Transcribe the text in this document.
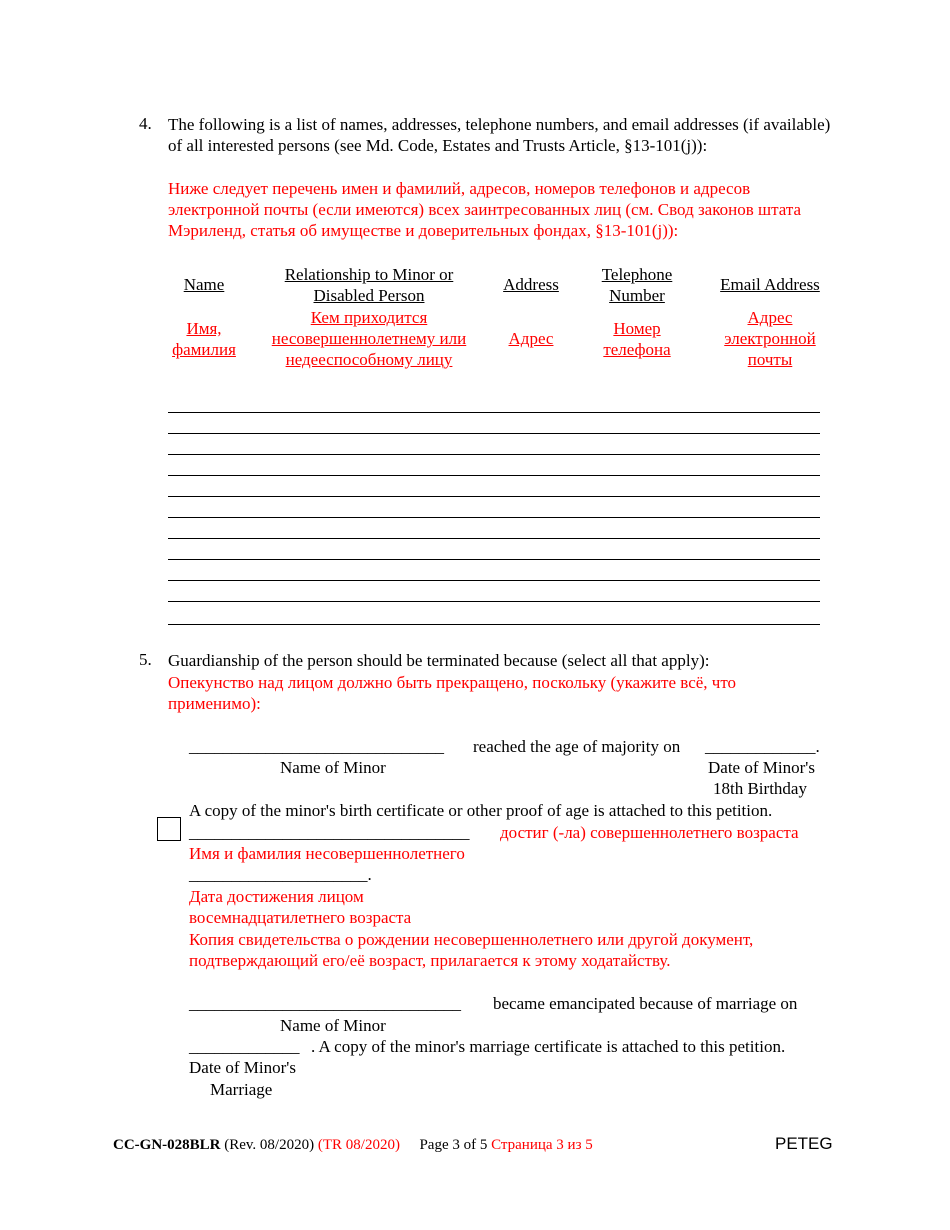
4. The following is a list of names, addresses, telephone numbers, and email addresses (if available) of all interested persons (see Md. Code, Estates and Trusts Article, §13-101(j)):
Ниже следует перечень имен и фамилий, адресов, номеров телефонов и адресов электронной почты (если имеются) всех заинтресованных лиц (см. Свод законов штата Мэриленд, статья об имуществе и доверительных фондах, §13-101(j)):
Name

Имя, фамилия
Relationship to Minor or Disabled Person
Кем приходится несовершеннолетнему или недееспособному лицу
Address
Адрес
Telephone Number
Номер телефона
Email Address
Адрес электронной почты
5. Guardianship of the person should be terminated because (select all that apply):
Опекунство над лицом должно быть прекращено, поскольку (укажите всё, что применимо):
______________________________ reached the age of majority on _____________.
Name of Minor	Date of Minor's
18th Birthday
A copy of the minor's birth certificate or other proof of age is attached to this petition.
_________________________________ достиг (-ла) совершеннолетнего возраста
Имя и фамилия несовершеннолетнего
_____________________.
Дата достижения лицом
восемнадцатилетнего возраста
Копия свидетельства о рождении несовершеннолетнего или другой документ,
подтверждающий его/её возраст, прилагается к этому ходатайству.
________________________________ became emancipated because of marriage on
Name of Minor
_____________ . A copy of the minor's marriage certificate is attached to this petition.
Date of Minor's
Marriage
CC-GN-028BLR (Rev. 08/2020) (TR 08/2020) Page 3 of 5 Страница 3 из 5	PETEG
